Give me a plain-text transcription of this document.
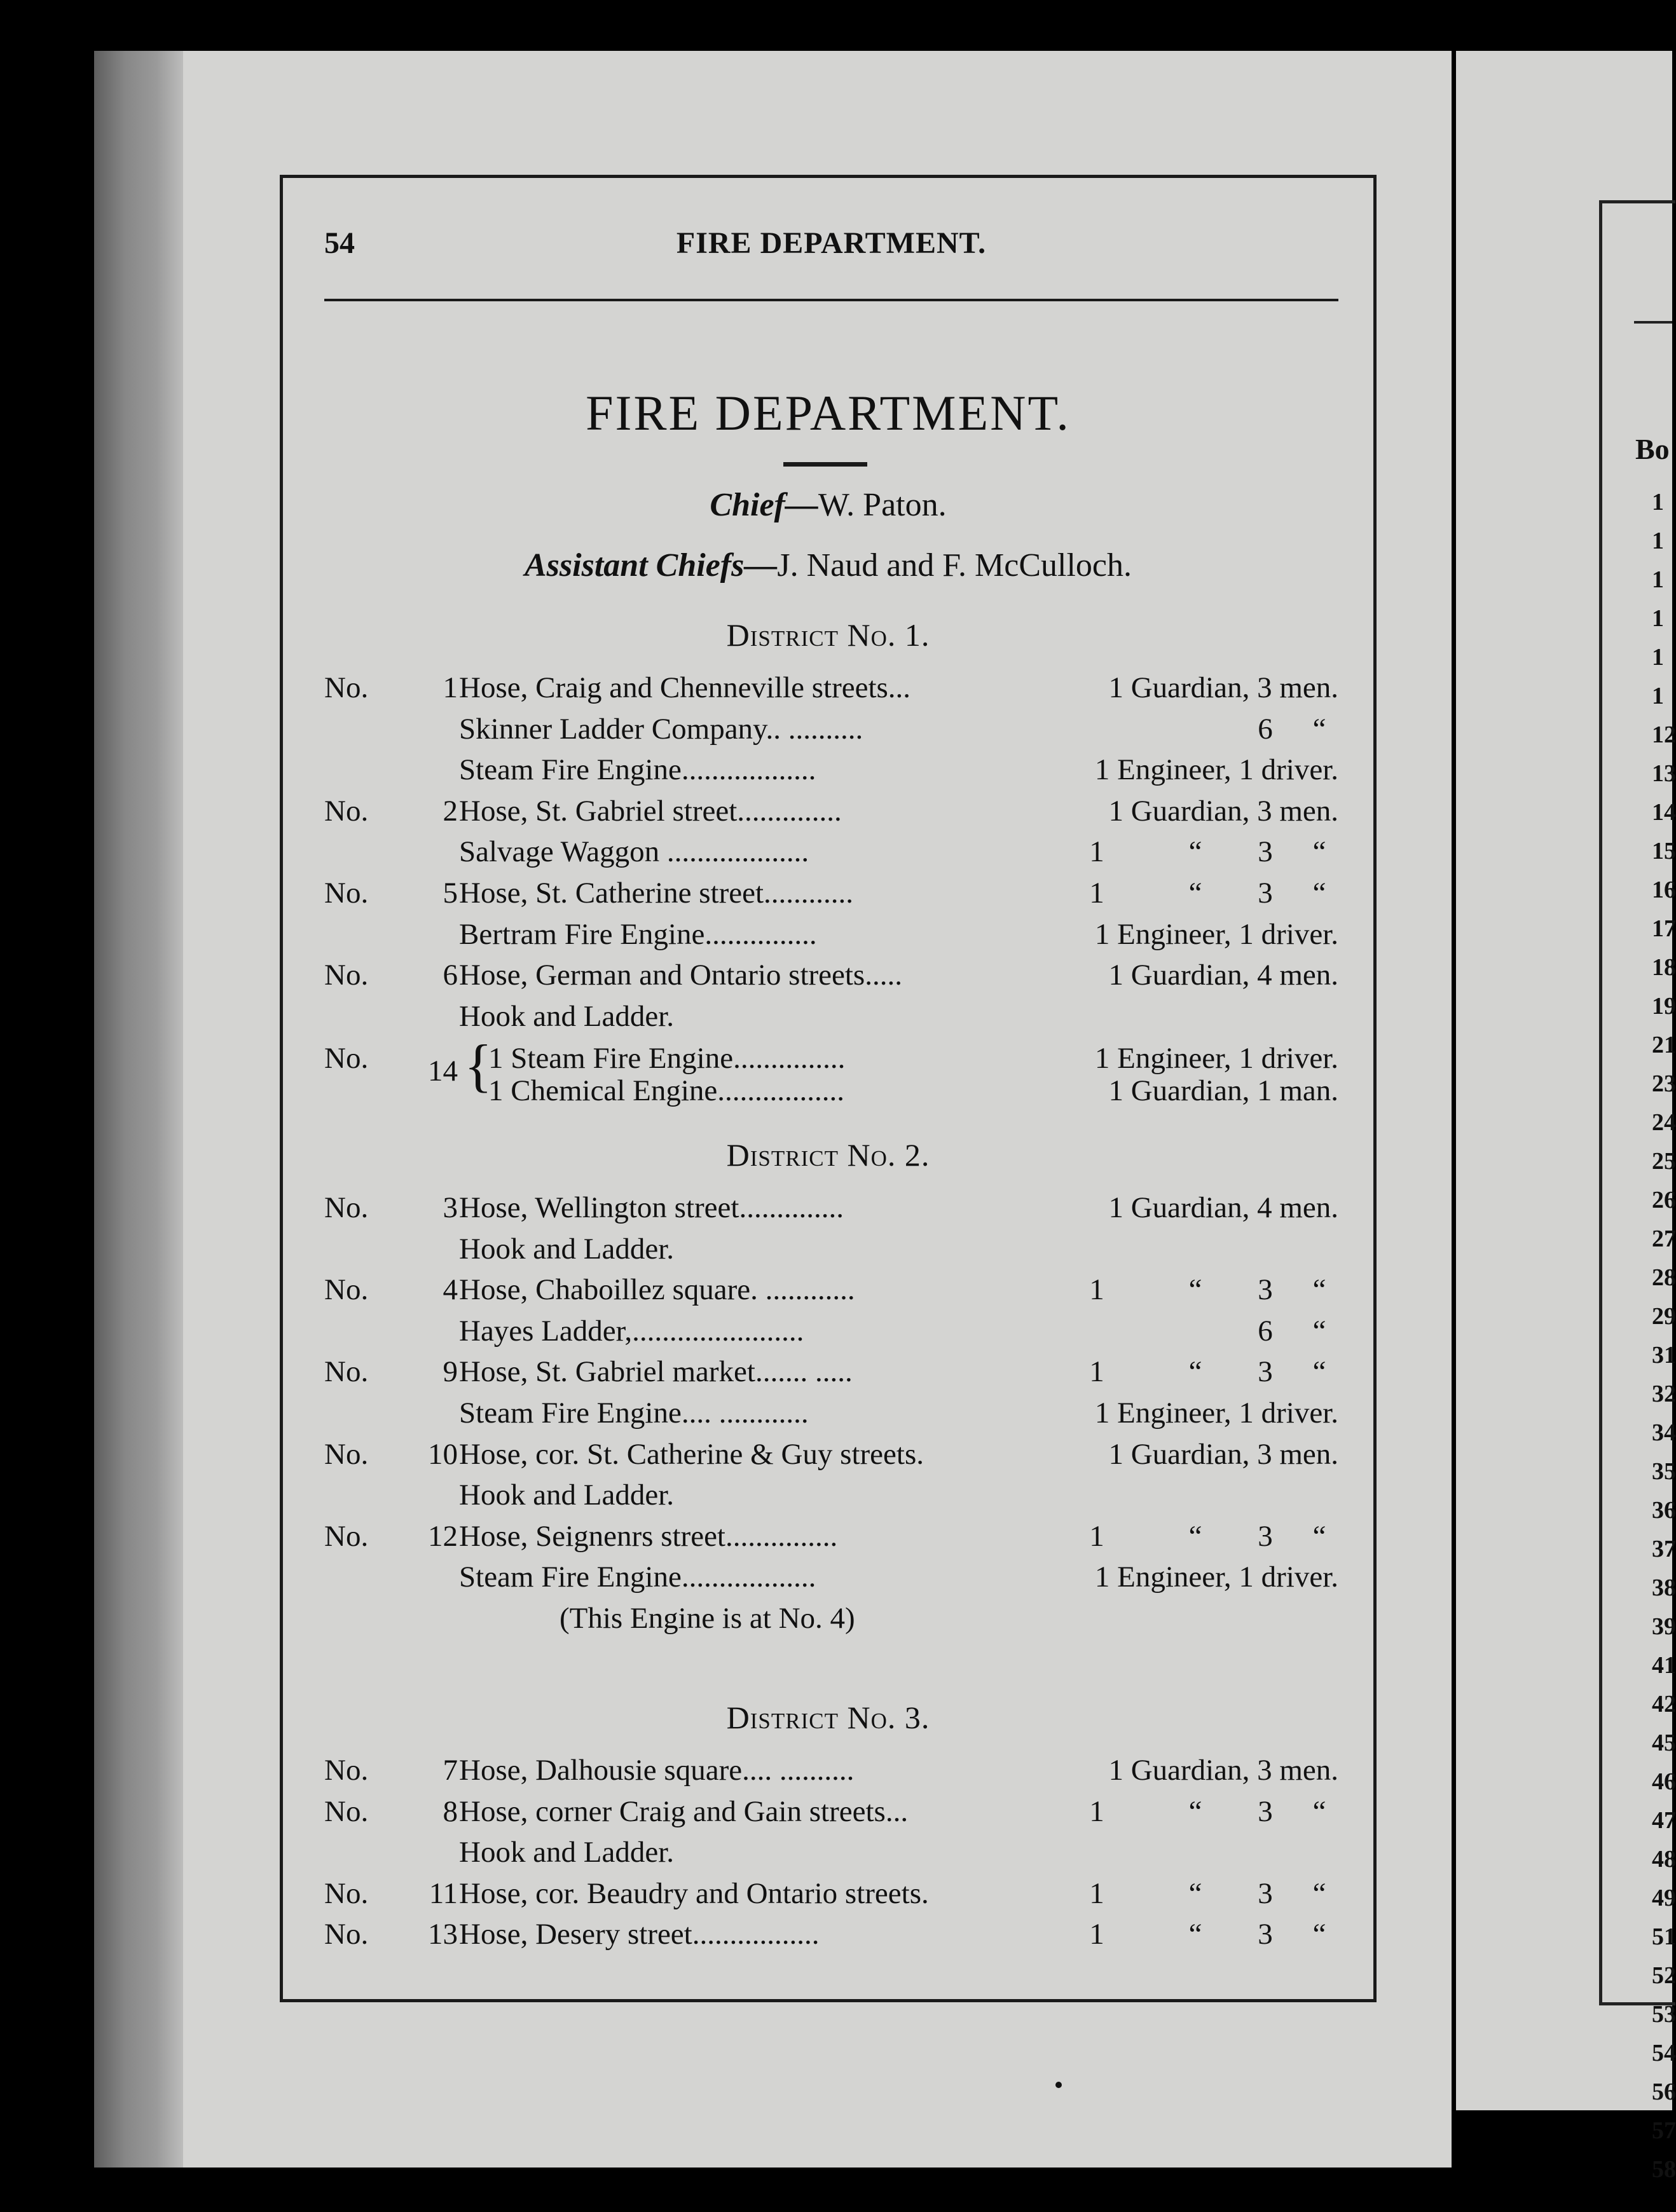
Bo
1
1
1
1
1
1
12
13
14
15
16
17
18
19
21
23
24
25
26
27
28
29
31
32
34
35
36
37
38
39
41
42
45
46
47
48
49
51
52
53
54
56
57
58
54	FIRE DEPARTMENT.
FIRE DEPARTMENT.
Chief—W. Paton.
Assistant Chiefs—J. Naud and F. McCulloch.
District No. 1.
No.	1 Hose, Craig and Chenneville streets...	1 Guardian, 3 men.
Skinner Ladder Company.. ..........	6	“
Steam Fire Engine..................	1 Engineer, 1 driver.
No.	2 Hose, St. Gabriel street..............	1 Guardian, 3 men.
Salvage Waggon ...................	1	“	3	“
No.	5 Hose, St. Catherine street............	1	“	3	“
Bertram Fire Engine...............	1 Engineer, 1 driver.
No.	6 Hose, German and Ontario streets.....	1 Guardian, 4 men.
Hook and Ladder.
No.	14 {
1 Steam Fire Engine...............	1 Engineer, 1 driver.
1 Chemical Engine.................	1 Guardian, 1 man.
District No. 2.
No.	3 Hose, Wellington street..............	1 Guardian, 4 men.
Hook and Ladder.
No.	4 Hose, Chaboillez square. ............	1	“	3	“
Hayes Ladder,.......................	6	“
No.	9 Hose, St. Gabriel market....... .....	1	“	3	“
Steam Fire Engine.... ............	1 Engineer, 1 driver.
No.	10 Hose, cor. St. Catherine & Guy streets.	1 Guardian, 3 men.
Hook and Ladder.
No.	12 Hose, Seignenrs street...............	1	“	3	“
Steam Fire Engine..................	1 Engineer, 1 driver.
(This Engine is at No. 4)
District No. 3.
No.	7 Hose, Dalhousie square.... ..........	1 Guardian, 3 men.
No.	8 Hose, corner Craig and Gain streets...	1	“	3	“
Hook and Ladder.
No.	11 Hose, cor. Beaudry and Ontario streets.	1	“	3	“
No.	13 Hose, Desery street.................	1	“	3	“
